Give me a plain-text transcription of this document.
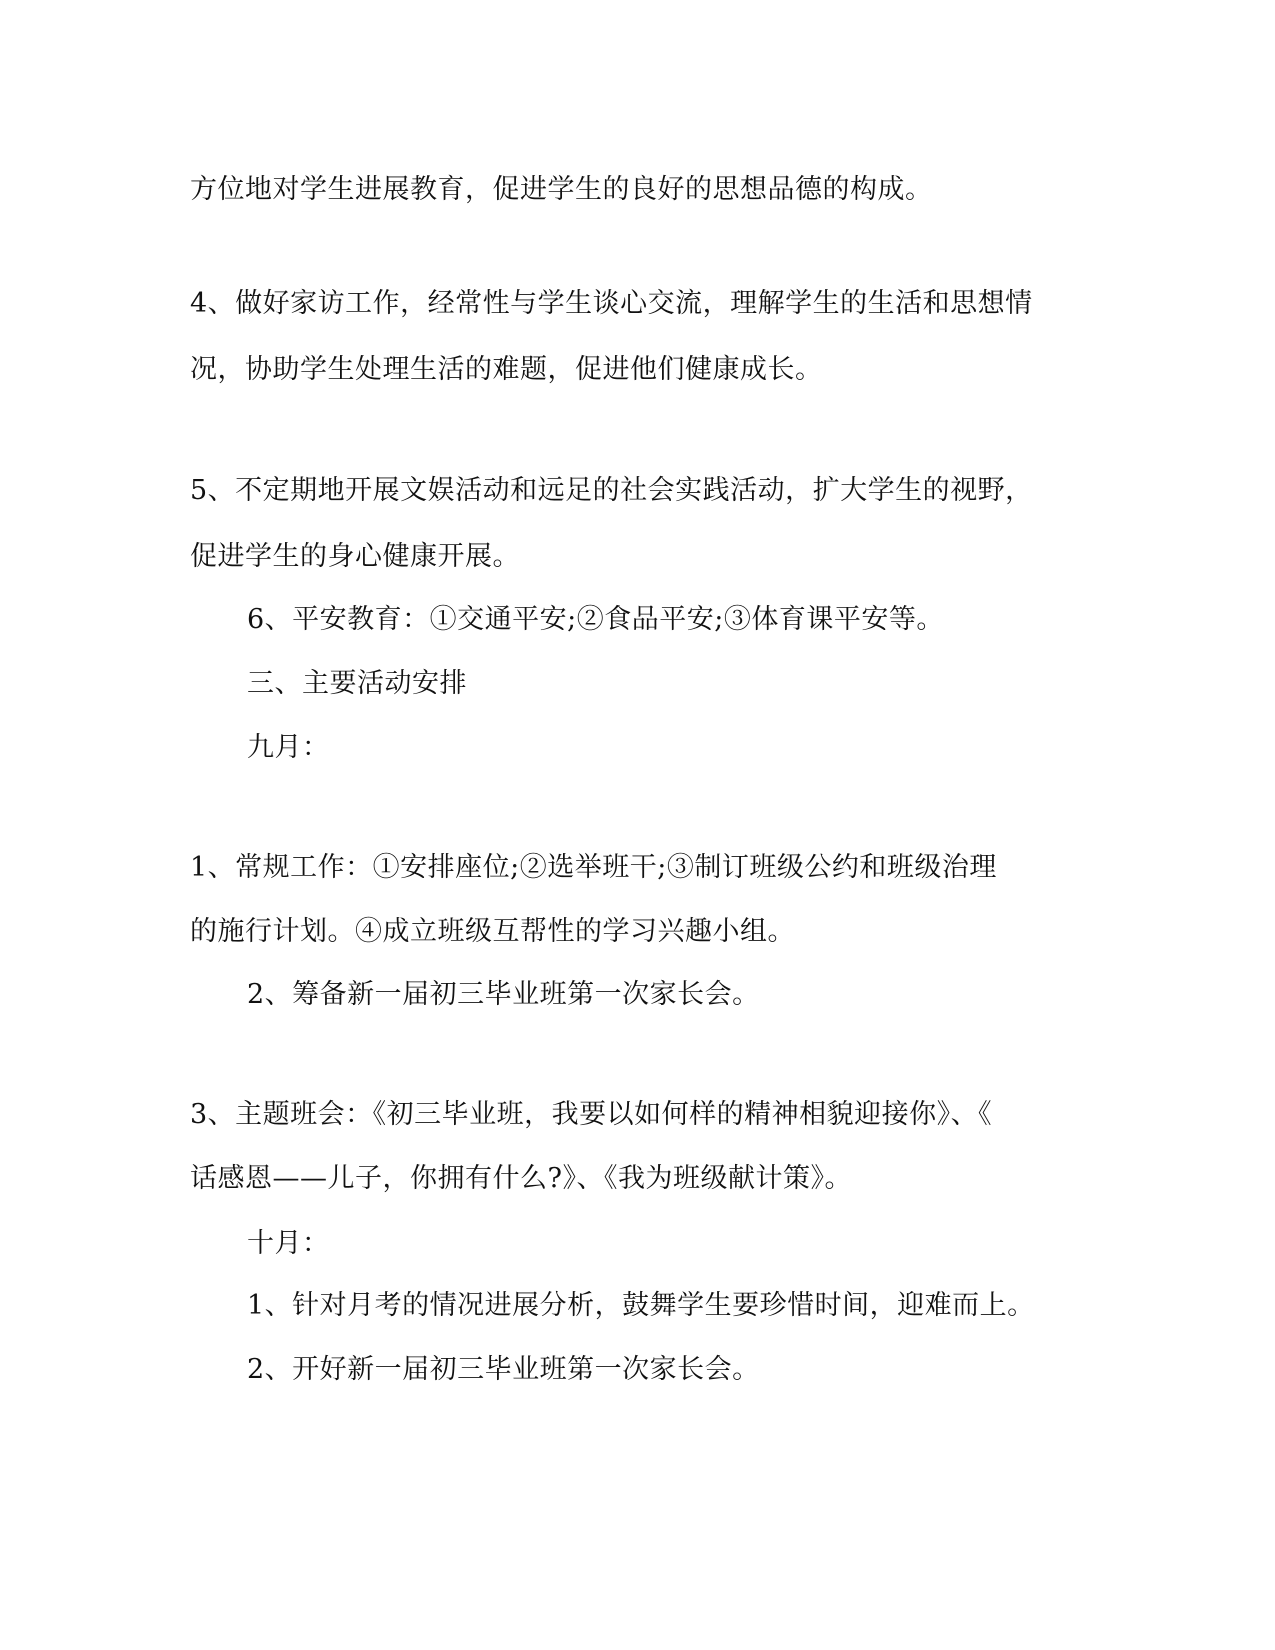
方位地对学生进展教育，促进学生的良好的思想品德的构成。
4、做好家访工作，经常性与学生谈心交流，理解学生的生活和思想情
况，协助学生处理生活的难题，促进他们健康成长。
5、不定期地开展文娱活动和远足的社会实践活动，扩大学生的视野，
促进学生的身心健康开展。
6、平安教育：①交通平安;②食品平安;③体育课平安等。
三、主要活动安排
九月：
1、常规工作：①安排座位;②选举班干;③制订班级公约和班级治理
的施行计划。④成立班级互帮性的学习兴趣小组。
2、筹备新一届初三毕业班第一次家长会。
3、主题班会：《初三毕业班，我要以如何样的精神相貌迎接你》、《
话感恩——儿子，你拥有什么?》、《我为班级献计策》。
十月：
1、针对月考的情况进展分析，鼓舞学生要珍惜时间，迎难而上。
2、开好新一届初三毕业班第一次家长会。
